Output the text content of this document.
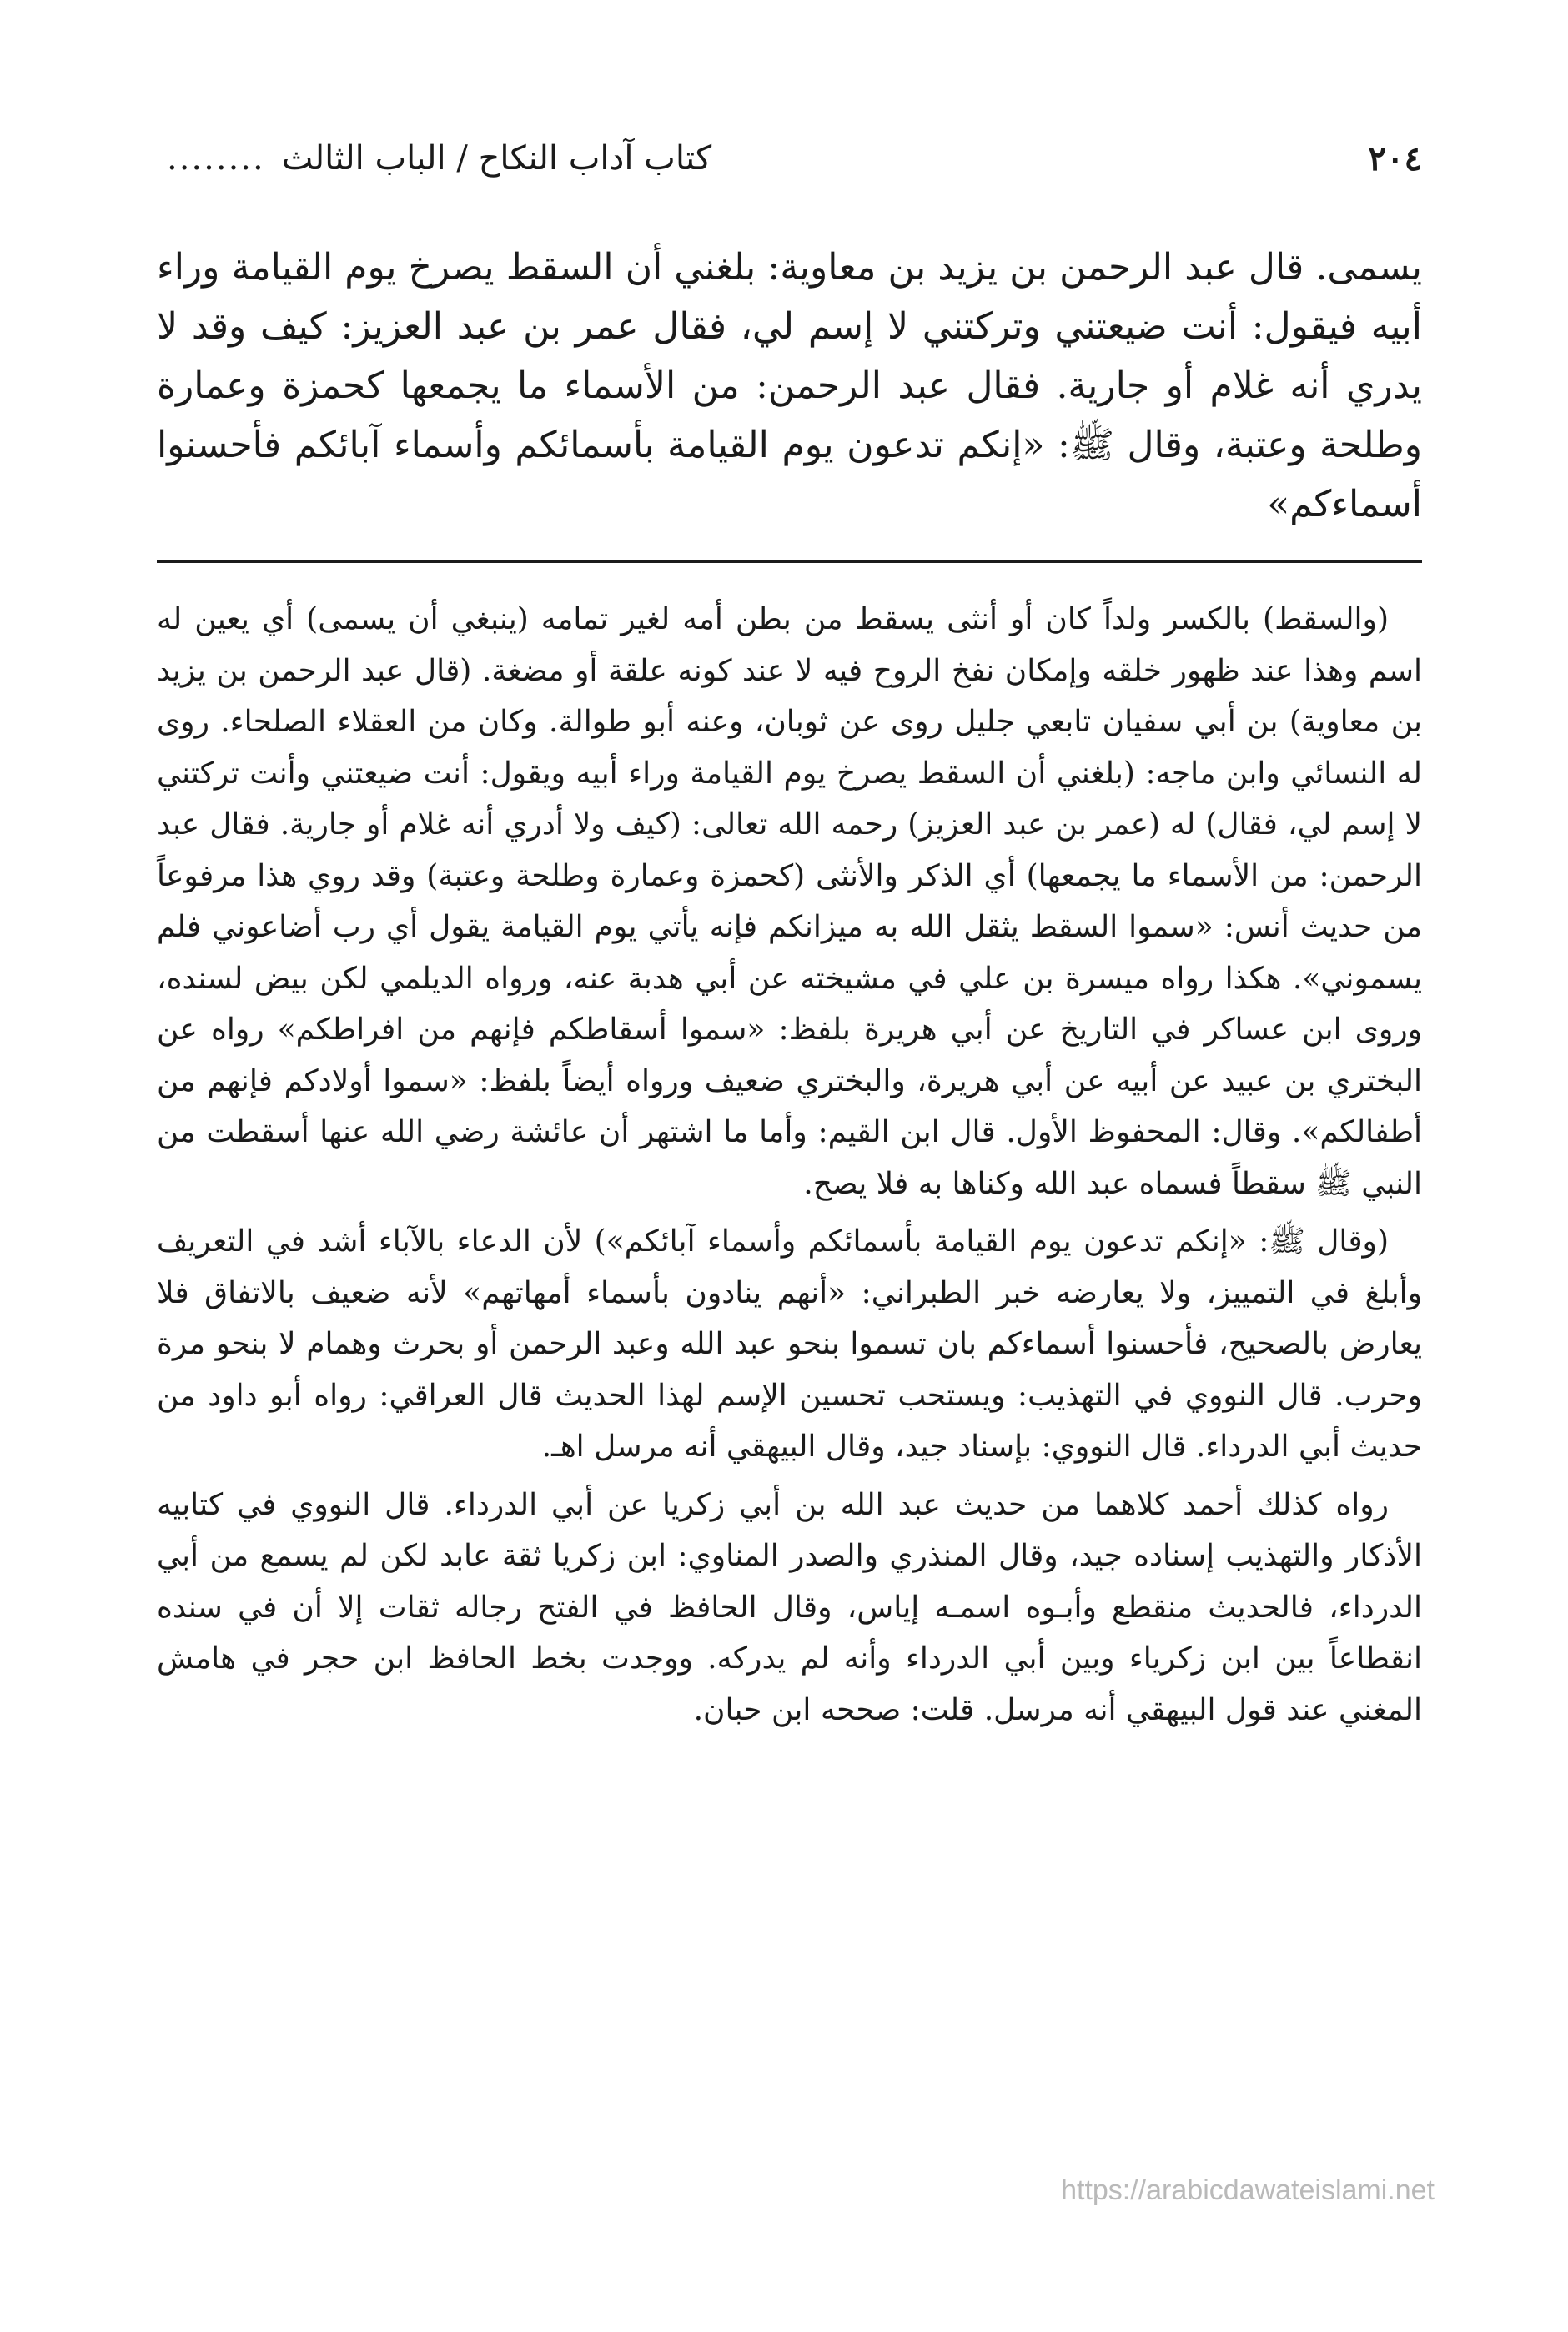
٢٠٤
كتاب آداب النكاح / الباب الثالث
........

يسمى. قال عبد الرحمن بن يزيد بن معاوية: بلغني أن السقط يصرخ يوم القيامة وراء أبيه فيقول: أنت ضيعتني وتركتني لا إسم لي، فقال عمر بن عبد العزيز: كيف وقد لا يدري أنه غلام أو جارية. فقال عبد الرحمن: من الأسماء ما يجمعها كحمزة وعمارة وطلحة وعتبة، وقال ﷺ: «إنكم تدعون يوم القيامة بأسمائكم وأسماء آبائكم فأحسنوا أسماءكم»

(والسقط) بالكسر ولداً كان أو أنثى يسقط من بطن أمه لغير تمامه (ينبغي أن يسمى) أي يعين له اسم وهذا عند ظهور خلقه وإمكان نفخ الروح فيه لا عند كونه علقة أو مضغة. (قال عبد الرحمن بن يزيد بن معاوية) بن أبي سفيان تابعي جليل روى عن ثوبان، وعنه أبو طوالة. وكان من العقلاء الصلحاء. روى له النسائي وابن ماجه: (بلغني أن السقط يصرخ يوم القيامة وراء أبيه ويقول: أنت ضيعتني وأنت تركتني لا إسم لي، فقال) له (عمر بن عبد العزيز) رحمه الله تعالى: (كيف ولا أدري أنه غلام أو جارية. فقال عبد الرحمن: من الأسماء ما يجمعها) أي الذكر والأنثى (كحمزة وعمارة وطلحة وعتبة) وقد روي هذا مرفوعاً من حديث أنس: «سموا السقط يثقل الله به ميزانكم فإنه يأتي يوم القيامة يقول أي رب أضاعوني فلم يسموني». هكذا رواه ميسرة بن علي في مشيخته عن أبي هدبة عنه، ورواه الديلمي لكن بيض لسنده، وروى ابن عساكر في التاريخ عن أبي هريرة بلفظ: «سموا أسقاطكم فإنهم من افراطكم» رواه عن البختري بن عبيد عن أبيه عن أبي هريرة، والبختري ضعيف ورواه أيضاً بلفظ: «سموا أولادكم فإنهم من أطفالكم». وقال: المحفوظ الأول. قال ابن القيم: وأما ما اشتهر أن عائشة رضي الله عنها أسقطت من النبي ﷺ سقطاً فسماه عبد الله وكناها به فلا يصح.

(وقال ﷺ: «إنكم تدعون يوم القيامة بأسمائكم وأسماء آبائكم») لأن الدعاء بالآباء أشد في التعريف وأبلغ في التمييز، ولا يعارضه خبر الطبراني: «أنهم ينادون بأسماء أمهاتهم» لأنه ضعيف بالاتفاق فلا يعارض بالصحيح، فأحسنوا أسماءكم بان تسموا بنحو عبد الله وعبد الرحمن أو بحرث وهمام لا بنحو مرة وحرب. قال النووي في التهذيب: ويستحب تحسين الإسم لهذا الحديث قال العراقي: رواه أبو داود من حديث أبي الدرداء. قال النووي: بإسناد جيد، وقال البيهقي أنه مرسل اهـ.

رواه كذلك أحمد كلاهما من حديث عبد الله بن أبي زكريا عن أبي الدرداء. قال النووي في كتابيه الأذكار والتهذيب إسناده جيد، وقال المنذري والصدر المناوي: ابن زكريا ثقة عابد لكن لم يسمع من أبي الدرداء، فالحديث منقطع وأبـوه اسمـه إياس، وقال الحافظ في الفتح رجاله ثقات إلا أن في سنده انقطاعاً بين ابن زكرياء وبين أبي الدرداء وأنه لم يدركه. ووجدت بخط الحافظ ابن حجر في هامش المغني عند قول البيهقي أنه مرسل. قلت: صححه ابن حبان.

https://arabicdawateislami.net
